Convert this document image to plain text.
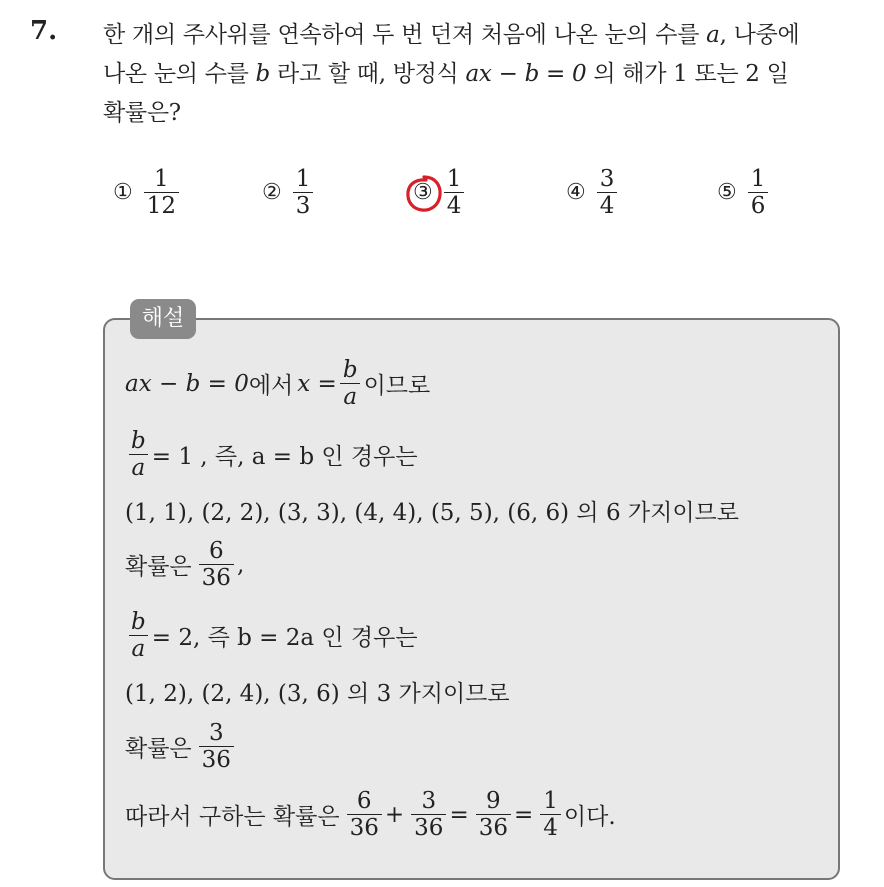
7. 한 개의 주사위를 연속하여 두 번 던져 처음에 나온 눈의 수를 a, 나중에
나온 눈의 수를 b 라고 할 때, 방정식 ax − b = 0 의 해가 1 또는 2 일
확률은?
① $\frac{1}{12}$	② $\frac{1}{3}$	③ $\frac{1}{4}$	④ $\frac{3}{4}$	⑤ $\frac{1}{6}$
해설
ax − b = 0 에서 $x = \frac{b}{a}$ 이므로
$\frac{b}{a} = 1$ , 즉, a = b 인 경우는
(1, 1), (2, 2), (3, 3), (4, 4), (5, 5), (6, 6) 의 6 가지이므로
확률은 $\frac{6}{36}$ ,
$\frac{b}{a} = 2$, 즉 b = 2a 인 경우는
(1, 2), (2, 4), (3, 6) 의 3 가지이므로
확률은 $\frac{3}{36}$
따라서 구하는 확률은 $\frac{6}{36} + \frac{3}{36} = \frac{9}{36} = \frac{1}{4}$ 이다.
